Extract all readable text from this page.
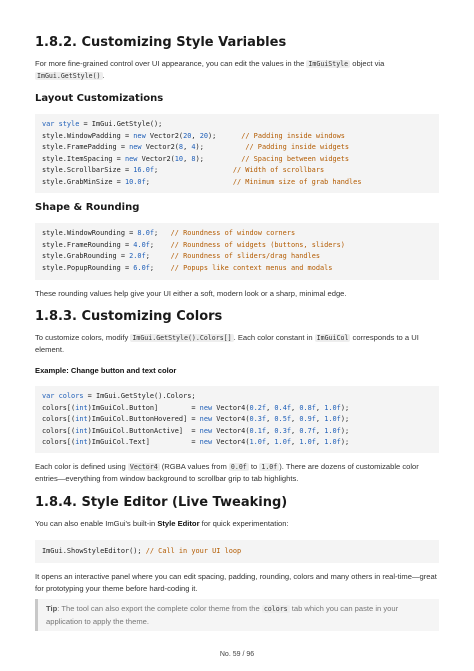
1.8.2. Customizing Style Variables

For more fine-grained control over UI appearance, you can edit the values in the ImGuiStyle object via
ImGui.GetStyle() .

Layout Customizations
var style = ImGui.GetStyle();
style.WindowPadding = new Vector2(20, 20);      // Padding inside windows
style.FramePadding = new Vector2(8, 4);          // Padding inside widgets
style.ItemSpacing = new Vector2(10, 8);         // Spacing between widgets
style.ScrollbarSize = 16.0f;                  // Width of scrollbars
style.GrabMinSize = 10.0f;                    // Minimum size of grab handles
Shape & Rounding
style.WindowRounding = 8.0f;   // Roundness of window corners
style.FrameRounding = 4.0f;    // Roundness of widgets (buttons, sliders)
style.GrabRounding = 2.0f;     // Roundness of sliders/drag handles
style.PopupRounding = 6.0f;    // Popups like context menus and modals

These rounding values help give your UI either a soft, modern look or a sharp, minimal edge.

1.8.3. Customizing Colors

To customize colors, modify ImGui.GetStyle().Colors[] . Each color constant in ImGuiCol corresponds to a UI element.

Example: Change button and text color

var colors = ImGui.GetStyle().Colors;
colors[(int)ImGuiCol.Button]        = new Vector4(0.2f, 0.4f, 0.8f, 1.0f);
colors[(int)ImGuiCol.ButtonHovered] = new Vector4(0.3f, 0.5f, 0.9f, 1.0f);
colors[(int)ImGuiCol.ButtonActive]  = new Vector4(0.1f, 0.3f, 0.7f, 1.0f);
colors[(int)ImGuiCol.Text]          = new Vector4(1.0f, 1.0f, 1.0f, 1.0f);

Each color is defined using Vector4 (RGBA values from 0.0f to 1.0f ). There are dozens of customizable color entries—everything from window background to scrollbar grip to tab highlights.

1.8.4. Style Editor (Live Tweaking)

You can also enable ImGui's built-in Style Editor for quick experimentation:

ImGui.ShowStyleEditor(); // Call in your UI loop

It opens an interactive panel where you can edit spacing, padding, rounding, colors and many others in real-time—great for prototyping your theme before hard-coding it.

Tip: The tool can also export the complete color theme from the colors tab which you can paste in your application to apply the theme.
No. 59 / 96
